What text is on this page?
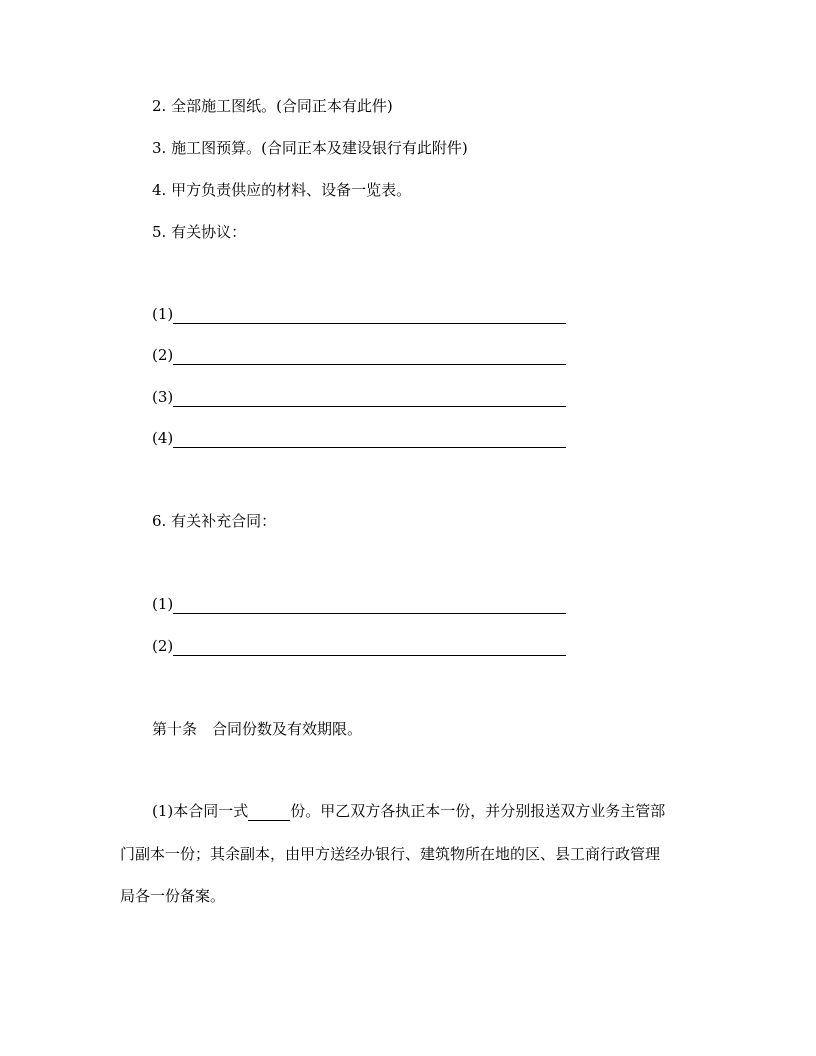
2. 全部施工图纸。(合同正本有此件)
3. 施工图预算。(合同正本及建设银行有此附件)
4. 甲方负责供应的材料、设备一览表。
5. 有关协议：
(1)
(2)
(3)
(4)
6. 有关补充合同：
(1)
(2)
第十条　合同份数及有效期限。
(1)本合同一式	份。甲乙双方各执正本一份，并分别报送双方业务主管部
门副本一份；其余副本，由甲方送经办银行、建筑物所在地的区、县工商行政管理
局各一份备案。
